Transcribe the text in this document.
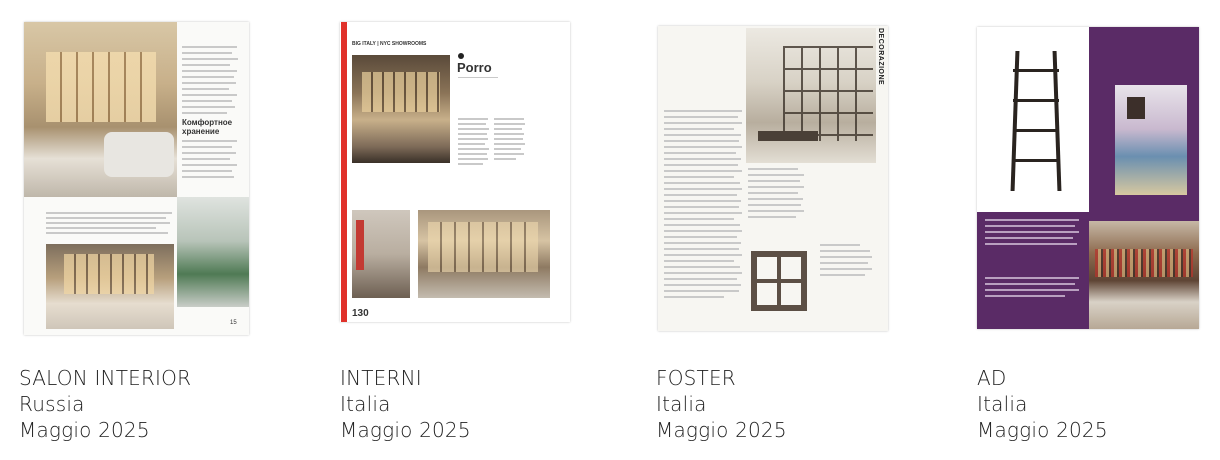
Комфортное хранение
15
SALON INTERIOR
Russia
Maggio 2025
BIG ITALY | NYC SHOWROOMS
Porro
130
INTERNI
Italia
Maggio 2025
DECORAZIONE
FOSTER
Italia
Maggio 2025
AD
Italia
Maggio 2025
